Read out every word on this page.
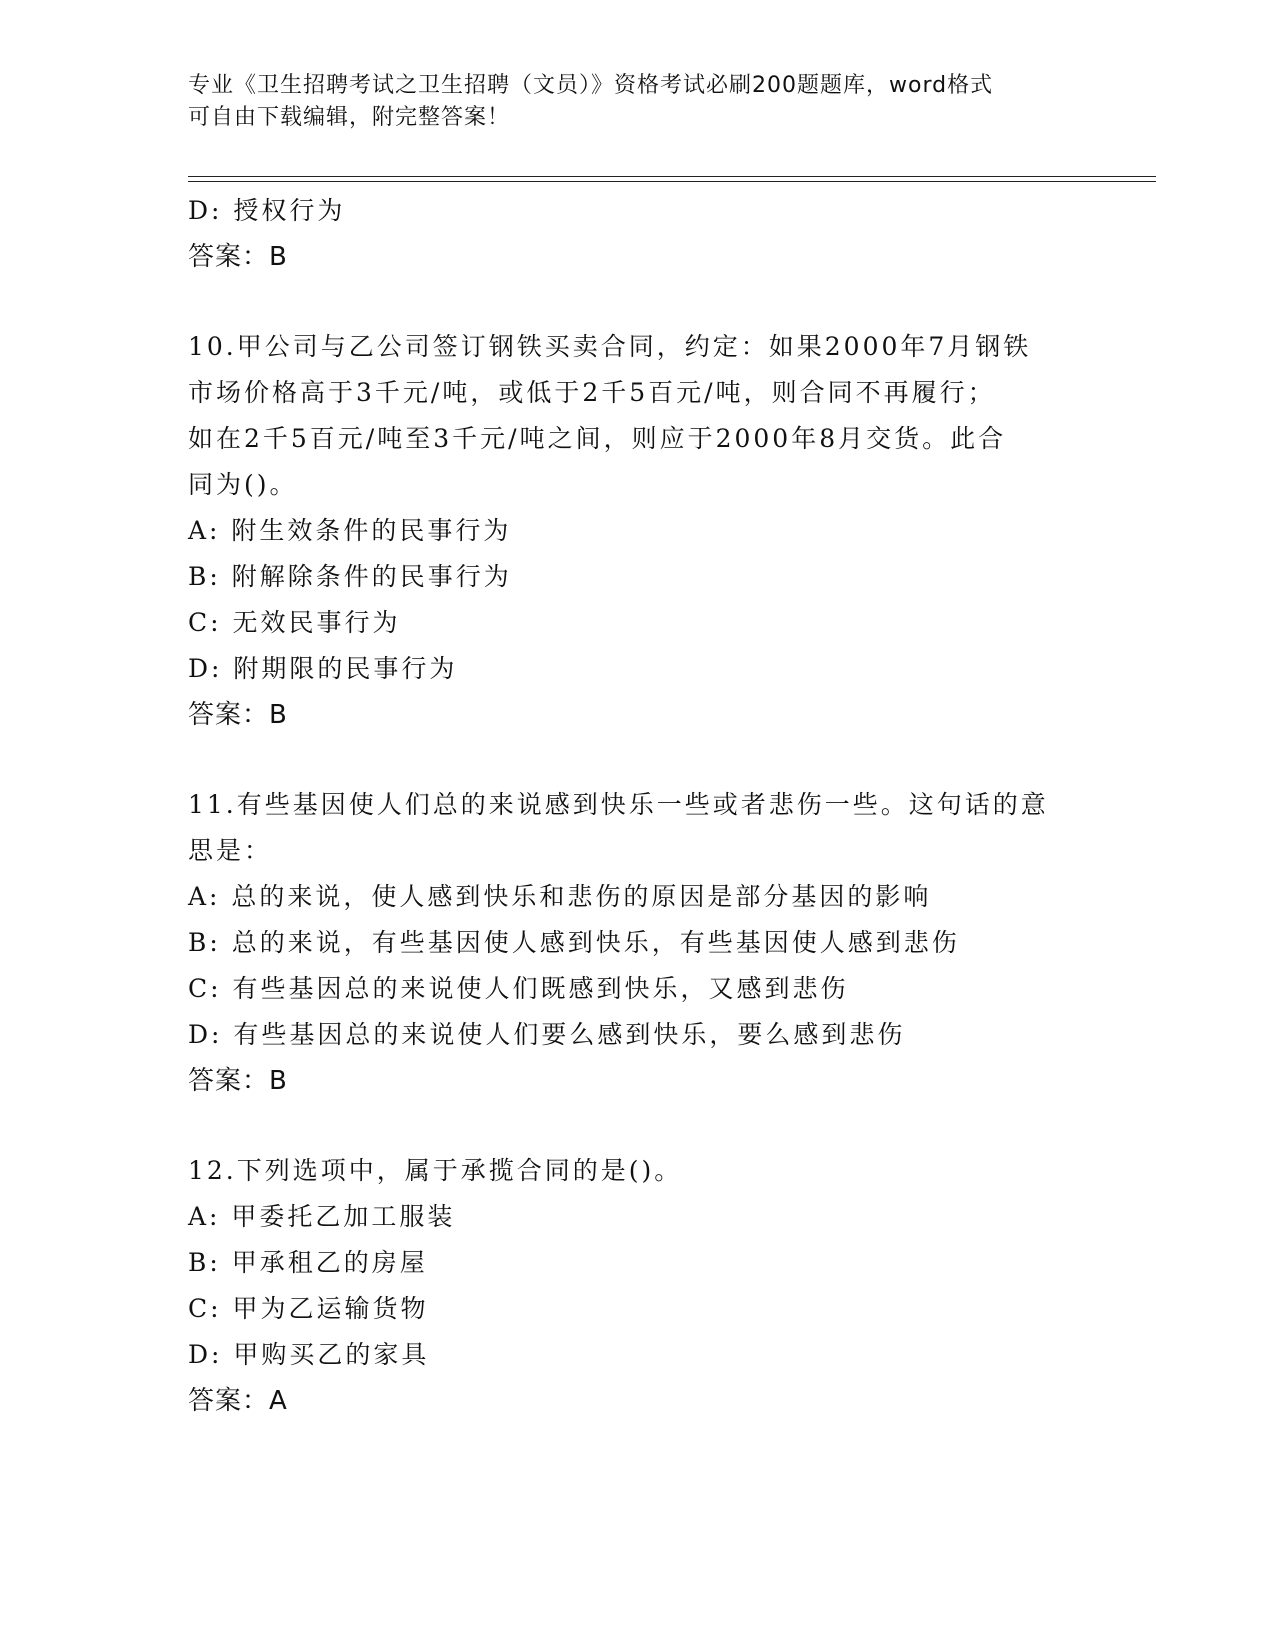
专业《卫生招聘考试之卫生招聘（文员）》资格考试必刷200题题库，word格式
可自由下载编辑，附完整答案！
D: 授权行为
答案：B
10.甲公司与乙公司签订钢铁买卖合同，约定：如果2000年7月钢铁
市场价格高于3千元/吨，或低于2千5百元/吨，则合同不再履行；
如在2千5百元/吨至3千元/吨之间，则应于2000年8月交货。此合
同为()。
A: 附生效条件的民事行为
B: 附解除条件的民事行为
C: 无效民事行为
D: 附期限的民事行为
答案：B
11.有些基因使人们总的来说感到快乐一些或者悲伤一些。这句话的意
思是：
A: 总的来说，使人感到快乐和悲伤的原因是部分基因的影响
B: 总的来说，有些基因使人感到快乐，有些基因使人感到悲伤
C: 有些基因总的来说使人们既感到快乐，又感到悲伤
D: 有些基因总的来说使人们要么感到快乐，要么感到悲伤
答案：B
12.下列选项中，属于承揽合同的是()。
A: 甲委托乙加工服装
B: 甲承租乙的房屋
C: 甲为乙运输货物
D: 甲购买乙的家具
答案：A
